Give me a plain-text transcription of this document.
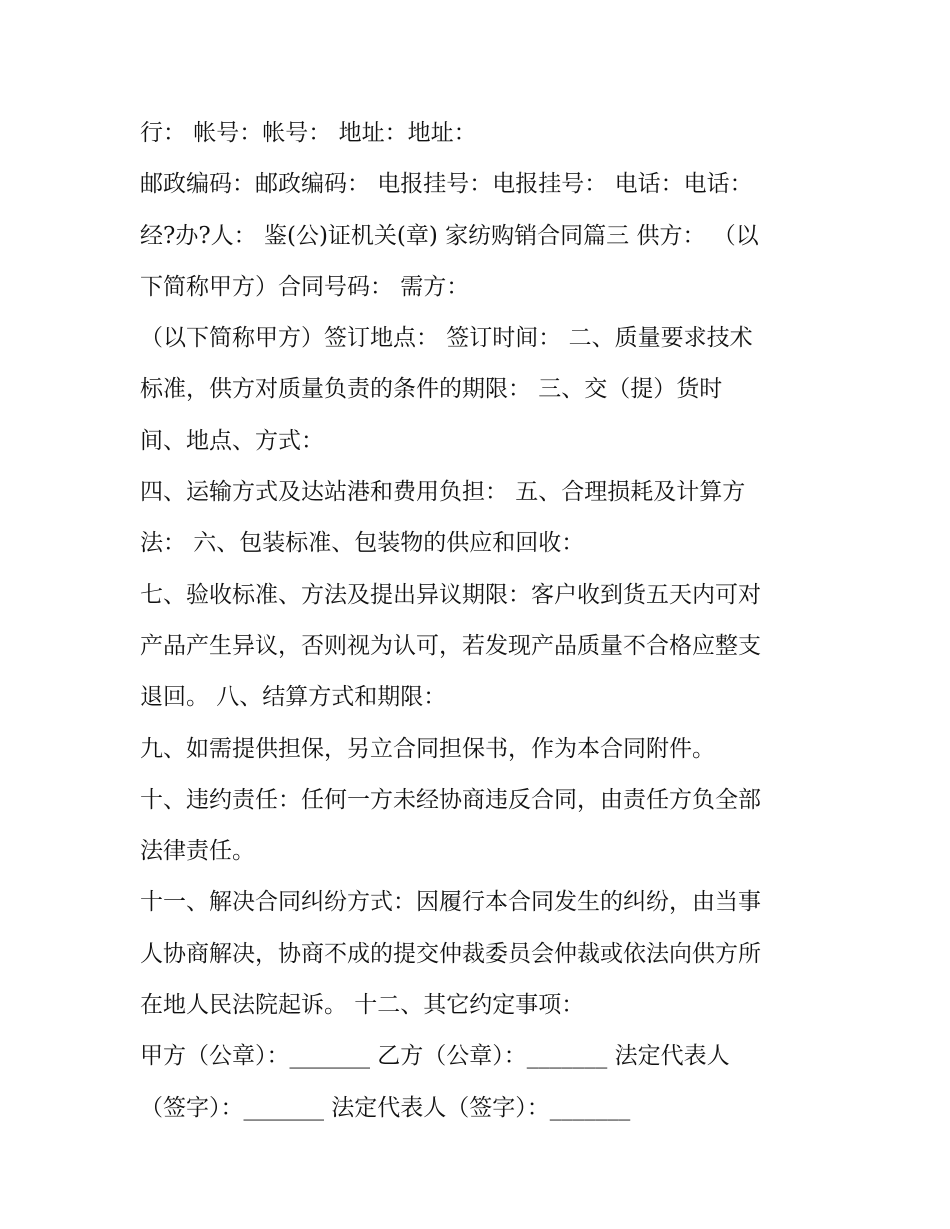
行： 帐号：帐号： 地址：地址：
邮政编码：邮政编码： 电报挂号：电报挂号： 电话：电话：
经?办?人： 鉴(公)证机关(章) 家纺购销合同篇三 供方： （以
下简称甲方）合同号码： 需方：
（以下简称甲方）签订地点： 签订时间： 二、质量要求技术
标准，供方对质量负责的条件的期限： 三、交（提）货时
间、地点、方式：
四、运输方式及达站港和费用负担： 五、合理损耗及计算方
法： 六、包装标准、包装物的供应和回收：
七、验收标准、方法及提出异议期限：客户收到货五天内可对
产品产生异议，否则视为认可，若发现产品质量不合格应整支
退回。 八、结算方式和期限：
九、如需提供担保，另立合同担保书，作为本合同附件。
十、违约责任：任何一方未经协商违反合同，由责任方负全部
法律责任。
十一、解决合同纠纷方式：因履行本合同发生的纠纷，由当事
人协商解决，协商不成的提交仲裁委员会仲裁或依法向供方所
在地人民法院起诉。 十二、其它约定事项：
甲方（公章）：_______ 乙方（公章）：_______ 法定代表人
（签字）：_______ 法定代表人（签字）：_______
